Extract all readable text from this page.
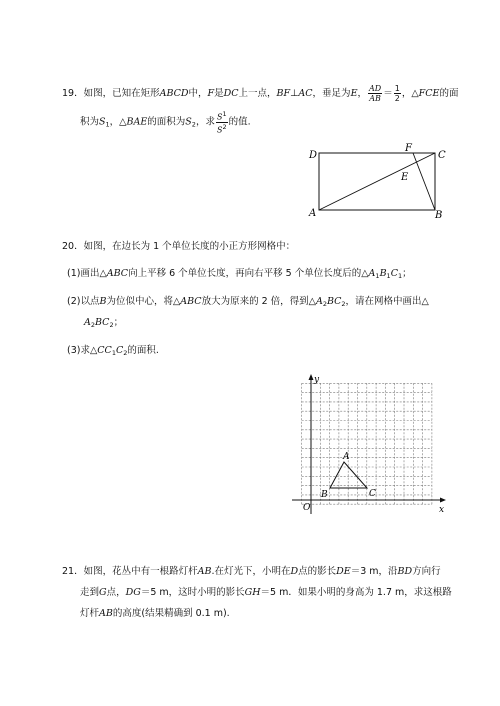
19．如图，已知在矩形ABCD中，F是DC上一点，BF⊥AC，垂足为E， $\frac{AD}{AB} = \frac{1}{2}$ ，△FCE的面
积为$S_1$，△BAE的面积为$S_2$，求 $\frac{S^1}{S^2}$ 的值.
D
F
C
E
A	B
20．如图，在边长为 1 个单位长度的小正方形网格中：
(1)画出△ABC向上平移 6 个单位长度，再向右平移 5 个单位长度后的$\triangle A_1B_1C_1$；
(2)以点B为位似中心，将△ABC放大为原来的 2 倍，得到$\triangle A_2BC_2$，请在网格中画出△
$A_2BC_2$；
(3)求$\triangle CC_1C_2$的面积.
y
x
O
A
B	C
21．如图，花丛中有一根路灯杆AB.在灯光下，小明在D点的影长DE＝3 m，沿BD方向行
走到G点，DG＝5 m，这时小明的影长GH＝5 m．如果小明的身高为 1.7 m，求这根路
灯杆AB的高度(结果精确到 0.1 m).
